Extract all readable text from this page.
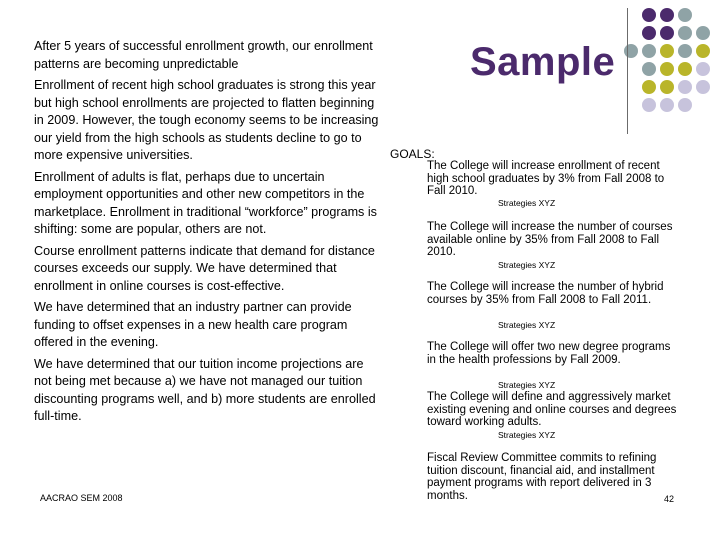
Sample

After 5 years of successful enrollment growth, our enrollment patterns are becoming unpredictable

Enrollment of recent high school graduates is strong this year but high school enrollments are projected to flatten beginning in 2009. However, the tough economy seems to be increasing our yield from the high schools as students decline to go to more expensive universities.

Enrollment of adults is flat, perhaps due to uncertain employment opportunities and other new competitors in the marketplace. Enrollment in traditional “workforce” programs is shifting: some are popular, others are not.

Course enrollment patterns indicate that demand for distance courses exceeds our supply. We have determined that enrollment in online courses is cost-effective.

We have determined that an industry partner can provide funding to offset expenses in a new health care program offered in the evening.

We have determined that our tuition income projections are not being met because a) we have not managed our tuition discounting programs well, and b) more students are enrolled full-time.

AACRAO SEM 2008
GOALS:
The College will increase enrollment of recent high school graduates by 3% from Fall 2008 to Fall 2010.
Strategies XYZ
The College will increase the number of courses available online by 35% from Fall 2008 to Fall 2010.
Strategies XYZ
The College will increase the number of hybrid courses by 35% from Fall 2008 to Fall 2011.
Strategies XYZ
The College will offer two new degree programs in the health professions by Fall 2009.
Strategies XYZ
The College will define and aggressively market existing evening and online courses and degrees toward working adults.
Strategies XYZ
Fiscal Review Committee commits to refining tuition discount, financial aid, and installment payment programs with report delivered in 3 months.	42
